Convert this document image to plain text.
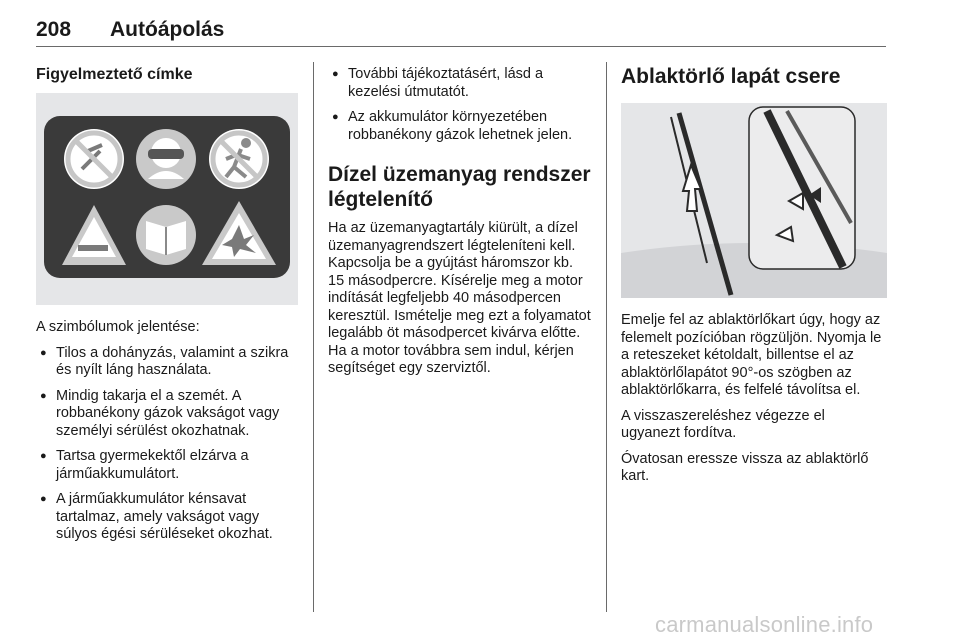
208 Autóápolás
Figyelmeztető címke

A szimbólumok jelentése:

● Tilos a dohányzás, valamint a szikra és nyílt láng használata.
● Mindig takarja el a szemét. A robbanékony gázok vakságot vagy személyi sérülést okozhatnak.
● Tartsa gyermekektől elzárva a járműakkumulátort.
● A járműakkumulátor kénsavat tartalmaz, amely vakságot vagy súlyos égési sérüléseket okozhat.
● További tájékoztatásért, lásd a kezelési útmutatót.
● Az akkumulátor környezetében robbanékony gázok lehetnek jelen.
Dízel üzemanyag rendszer légtelenítő

Ha az üzemanyagtartály kiürült, a dízel üzemanyagrendszert légteleníteni kell. Kapcsolja be a gyújtást háromszor kb. 15 másodpercre. Kísérelje meg a motor indítását legfeljebb 40 másodpercen keresztül. Ismételje meg ezt a folyamatot legalább öt másodpercet kivárva előtte. Ha a motor továbbra sem indul, kérjen segítséget egy szerviztől.

Ablaktörlő lapát csere

Emelje fel az ablaktörlőkart úgy, hogy az felemelt pozícióban rögzüljön. Nyomja le a reteszeket kétoldalt, billentse el az ablaktörlőlapátot 90°-os szögben az ablaktörlőkarra, és felfelé távolítsa el.

A visszaszereléshez végezze el ugyanezt fordítva.

Óvatosan eressze vissza az ablaktörlő kart.

carmanualsonline.info
